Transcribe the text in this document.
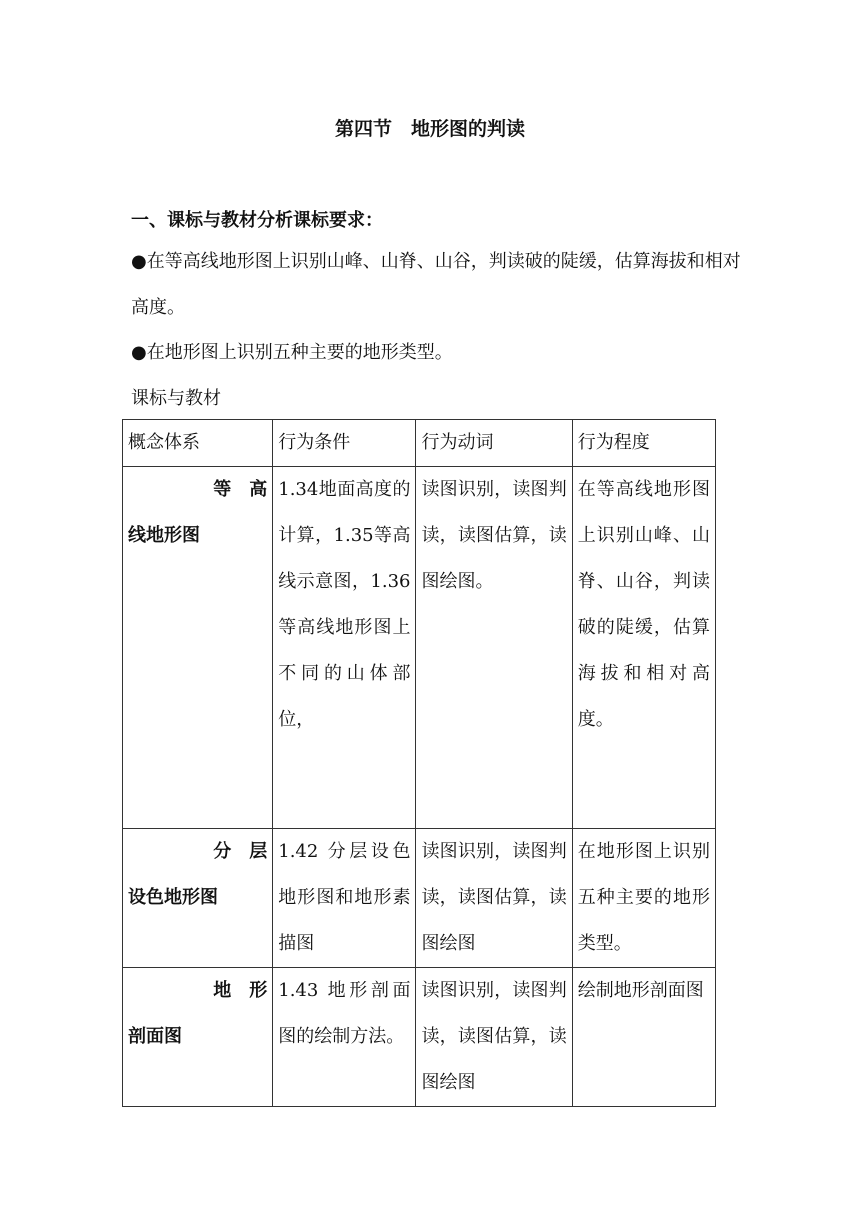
第四节　地形图的判读
一、课标与教材分析课标要求：
●在等高线地形图上识别山峰、山脊、山谷，判读破的陡缓，估算海拔和相对高度。
●在地形图上识别五种主要的地形类型。
课标与教材
概念体系	行为条件	行为动词	行为程度

等　高
线地形图	1.34地面高度的计算，1.35等高线示意图，1.36 等高线地形图上不同的山体部位，	读图识别，读图判读，读图估算，读图绘图。	在等高线地形图上识别山峰、山脊、山谷，判读破的陡缓，估算海拔和相对高度。

分　层
设色地形图	1.42 分层设色地形图和地形素描图	读图识别，读图判读，读图估算，读图绘图	在地形图上识别五种主要的地形类型。

地　形
剖面图	1.43 地形剖面图的绘制方法。	读图识别，读图判读，读图估算，读图绘图	绘制地形剖面图
